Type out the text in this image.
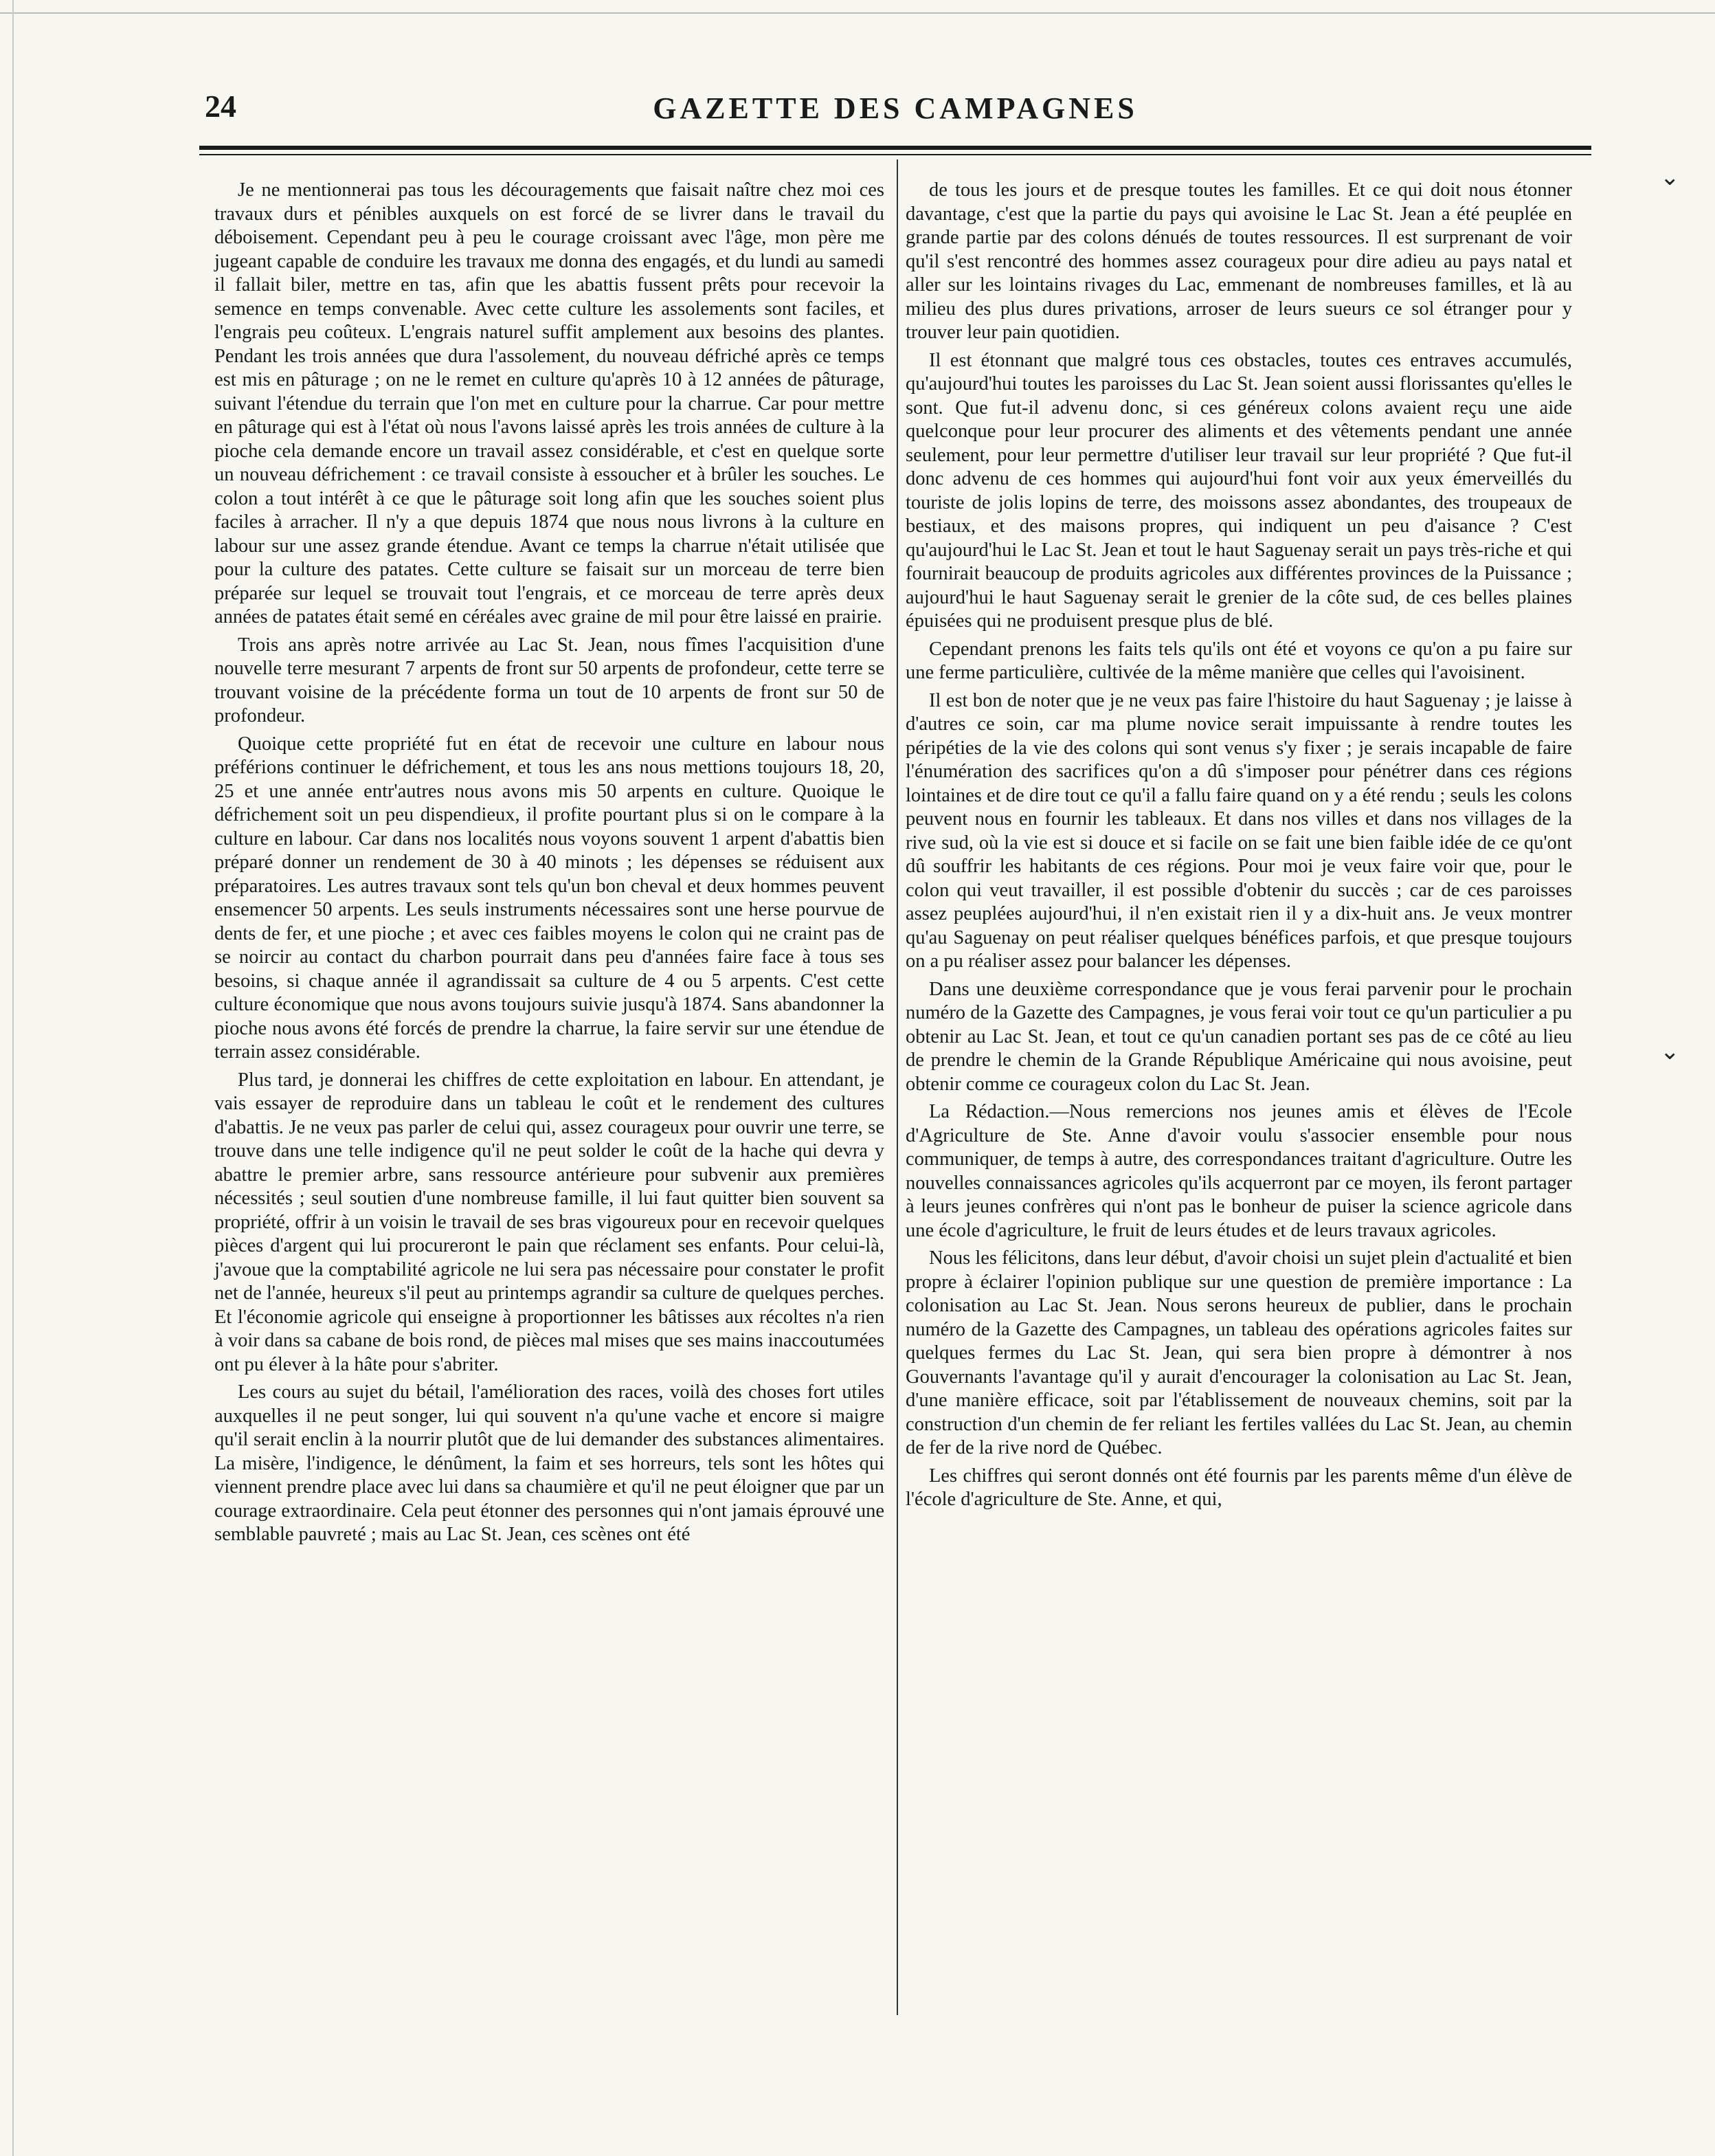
24	GAZETTE DES CAMPAGNES

Je ne mentionnerai pas tous les découragements que faisait naître chez moi ces travaux durs et pénibles auxquels on est forcé de se livrer dans le travail du déboisement. Cependant peu à peu le courage croissant avec l'âge, mon père me jugeant capable de conduire les travaux me donna des engagés, et du lundi au samedi il fallait biler, mettre en tas, afin que les abattis fussent prêts pour recevoir la semence en temps convenable. Avec cette culture les assolements sont faciles, et l'engrais peu coûteux. L'engrais naturel suffit amplement aux besoins des plantes. Pendant les trois années que dura l'assolement, du nouveau défriché après ce temps est mis en pâturage ; on ne le remet en culture qu'après 10 à 12 années de pâturage, suivant l'étendue du terrain que l'on met en culture pour la charrue. Car pour mettre en pâturage qui est à l'état où nous l'avons laissé après les trois années de culture à la pioche cela demande encore un travail assez considérable, et c'est en quelque sorte un nouveau défrichement : ce travail consiste à essoucher et à brûler les souches. Le colon a tout intérêt à ce que le pâturage soit long afin que les souches soient plus faciles à arracher. Il n'y a que depuis 1874 que nous nous livrons à la culture en labour sur une assez grande étendue. Avant ce temps la charrue n'était utilisée que pour la culture des patates. Cette culture se faisait sur un morceau de terre bien préparée sur lequel se trouvait tout l'engrais, et ce morceau de terre après deux années de patates était semé en céréales avec graine de mil pour être laissé en prairie.

Trois ans après notre arrivée au Lac St. Jean, nous fîmes l'acquisition d'une nouvelle terre mesurant 7 arpents de front sur 50 arpents de profondeur, cette terre se trouvant voisine de la précédente forma un tout de 10 arpents de front sur 50 de profondeur.

Quoique cette propriété fut en état de recevoir une culture en labour nous préférions continuer le défrichement, et tous les ans nous mettions toujours 18, 20, 25 et une année entr'autres nous avons mis 50 arpents en culture. Quoique le défrichement soit un peu dispendieux, il profite pourtant plus si on le compare à la culture en labour. Car dans nos localités nous voyons souvent 1 arpent d'abattis bien préparé donner un rendement de 30 à 40 minots ; les dépenses se réduisent aux préparatoires. Les autres travaux sont tels qu'un bon cheval et deux hommes peuvent ensemencer 50 arpents. Les seuls instruments nécessaires sont une herse pourvue de dents de fer, et une pioche ; et avec ces faibles moyens le colon qui ne craint pas de se noircir au contact du charbon pourrait dans peu d'années faire face à tous ses besoins, si chaque année il agrandissait sa culture de 4 ou 5 arpents. C'est cette culture économique que nous avons toujours suivie jusqu'à 1874. Sans abandonner la pioche nous avons été forcés de prendre la charrue, la faire servir sur une étendue de terrain assez considérable.

Plus tard, je donnerai les chiffres de cette exploitation en labour. En attendant, je vais essayer de reproduire dans un tableau le coût et le rendement des cultures d'abattis. Je ne veux pas parler de celui qui, assez courageux pour ouvrir une terre, se trouve dans une telle indigence qu'il ne peut solder le coût de la hache qui devra y abattre le premier arbre, sans ressource antérieure pour subvenir aux premières nécessités ; seul soutien d'une nombreuse famille, il lui faut quitter bien souvent sa propriété, offrir à un voisin le travail de ses bras vigoureux pour en recevoir quelques pièces d'argent qui lui procureront le pain que réclament ses enfants. Pour celui-là, j'avoue que la comptabilité agricole ne lui sera pas nécessaire pour constater le profit net de l'année, heureux s'il peut au printemps agrandir sa culture de quelques perches. Et l'économie agricole qui enseigne à proportionner les bâtisses aux récoltes n'a rien à voir dans sa cabane de bois rond, de pièces mal mises que ses mains inaccoutumées ont pu élever à la hâte pour s'abriter.

Les cours au sujet du bétail, l'amélioration des races, voilà des choses fort utiles auxquelles il ne peut songer, lui qui souvent n'a qu'une vache et encore si maigre qu'il serait enclin à la nourrir plutôt que de lui demander des substances alimentaires. La misère, l'indigence, le dénûment, la faim et ses horreurs, tels sont les hôtes qui viennent prendre place avec lui dans sa chaumière et qu'il ne peut éloigner que par un courage extraordinaire. Cela peut étonner des personnes qui n'ont jamais éprouvé une semblable pauvreté ; mais au Lac St. Jean, ces scènes ont été

de tous les jours et de presque toutes les familles. Et ce qui doit nous étonner davantage, c'est que la partie du pays qui avoisine le Lac St. Jean a été peuplée en grande partie par des colons dénués de toutes ressources. Il est surprenant de voir qu'il s'est rencontré des hommes assez courageux pour dire adieu au pays natal et aller sur les lointains rivages du Lac, emmenant de nombreuses familles, et là au milieu des plus dures privations, arroser de leurs sueurs ce sol étranger pour y trouver leur pain quotidien.

Il est étonnant que malgré tous ces obstacles, toutes ces entraves accumulés, qu'aujourd'hui toutes les paroisses du Lac St. Jean soient aussi florissantes qu'elles le sont. Que fut-il advenu donc, si ces généreux colons avaient reçu une aide quelconque pour leur procurer des aliments et des vêtements pendant une année seulement, pour leur permettre d'utiliser leur travail sur leur propriété ? Que fut-il donc advenu de ces hommes qui aujourd'hui font voir aux yeux émerveillés du touriste de jolis lopins de terre, des moissons assez abondantes, des troupeaux de bestiaux, et des maisons propres, qui indiquent un peu d'aisance ? C'est qu'aujourd'hui le Lac St. Jean et tout le haut Saguenay serait un pays très-riche et qui fournirait beaucoup de produits agricoles aux différentes provinces de la Puissance ; aujourd'hui le haut Saguenay serait le grenier de la côte sud, de ces belles plaines épuisées qui ne produisent presque plus de blé.

Cependant prenons les faits tels qu'ils ont été et voyons ce qu'on a pu faire sur une ferme particulière, cultivée de la même manière que celles qui l'avoisinent.

Il est bon de noter que je ne veux pas faire l'histoire du haut Saguenay ; je laisse à d'autres ce soin, car ma plume novice serait impuissante à rendre toutes les péripéties de la vie des colons qui sont venus s'y fixer ; je serais incapable de faire l'énumération des sacrifices qu'on a dû s'imposer pour pénétrer dans ces régions lointaines et de dire tout ce qu'il a fallu faire quand on y a été rendu ; seuls les colons peuvent nous en fournir les tableaux. Et dans nos villes et dans nos villages de la rive sud, où la vie est si douce et si facile on se fait une bien faible idée de ce qu'ont dû souffrir les habitants de ces régions. Pour moi je veux faire voir que, pour le colon qui veut travailler, il est possible d'obtenir du succès ; car de ces paroisses assez peuplées aujourd'hui, il n'en existait rien il y a dix-huit ans. Je veux montrer qu'au Saguenay on peut réaliser quelques bénéfices parfois, et que presque toujours on a pu réaliser assez pour balancer les dépenses.

Dans une deuxième correspondance que je vous ferai parvenir pour le prochain numéro de la Gazette des Campagnes, je vous ferai voir tout ce qu'un particulier a pu obtenir au Lac St. Jean, et tout ce qu'un canadien portant ses pas de ce côté au lieu de prendre le chemin de la Grande République Américaine qui nous avoisine, peut obtenir comme ce courageux colon du Lac St. Jean.

La Rédaction.—Nous remercions nos jeunes amis et élèves de l'Ecole d'Agriculture de Ste. Anne d'avoir voulu s'associer ensemble pour nous communiquer, de temps à autre, des correspondances traitant d'agriculture. Outre les nouvelles connaissances agricoles qu'ils acquerront par ce moyen, ils feront partager à leurs jeunes confrères qui n'ont pas le bonheur de puiser la science agricole dans une école d'agriculture, le fruit de leurs études et de leurs travaux agricoles.

Nous les félicitons, dans leur début, d'avoir choisi un sujet plein d'actualité et bien propre à éclairer l'opinion publique sur une question de première importance : La colonisation au Lac St. Jean. Nous serons heureux de publier, dans le prochain numéro de la Gazette des Campagnes, un tableau des opérations agricoles faites sur quelques fermes du Lac St. Jean, qui sera bien propre à démontrer à nos Gouvernants l'avantage qu'il y aurait d'encourager la colonisation au Lac St. Jean, d'une manière efficace, soit par l'établissement de nouveaux chemins, soit par la construction d'un chemin de fer reliant les fertiles vallées du Lac St. Jean, au chemin de fer de la rive nord de Québec.

Les chiffres qui seront donnés ont été fournis par les parents même d'un élève de l'école d'agriculture de Ste. Anne, et qui,

⌄
⌄
